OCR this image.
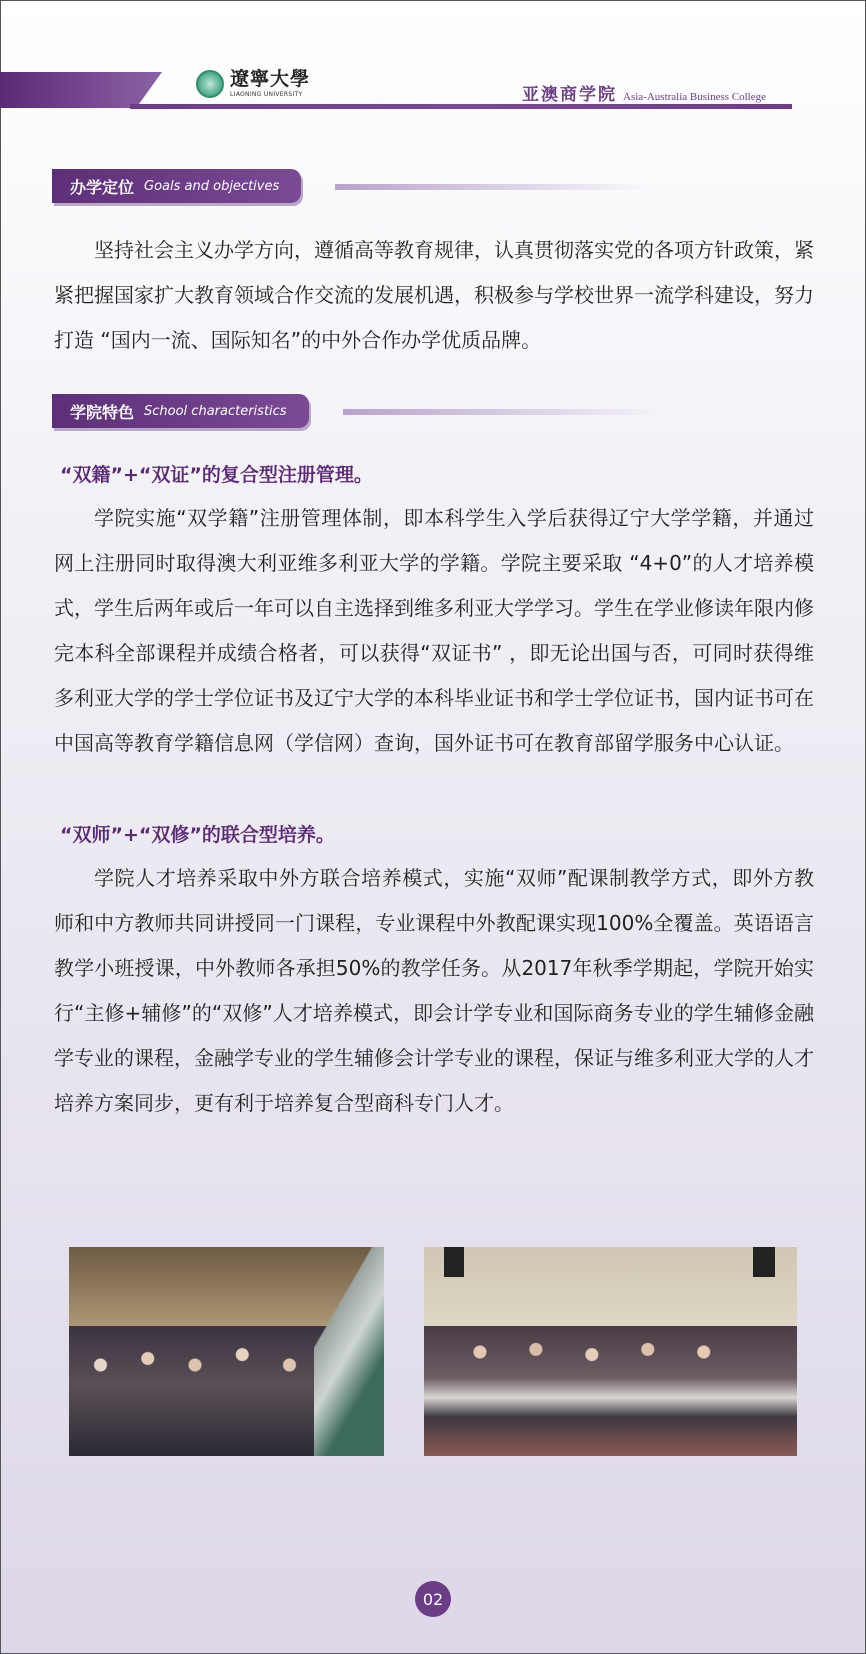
遼寧大學
LIAONING UNIVERSITY	亚澳商学院 Asia-Australia Business College
办学定位 Goals and objectives

坚持社会主义办学方向，遵循高等教育规律，认真贯彻落实党的各项方针政策，紧紧把握国家扩大教育领域合作交流的发展机遇，积极参与学校世界一流学科建设，努力打造 “国内一流、国际知名”的中外合作办学优质品牌。

学院特色 School characteristics
“双籍”+“双证”的复合型注册管理。

学院实施“双学籍”注册管理体制，即本科学生入学后获得辽宁大学学籍，并通过网上注册同时取得澳大利亚维多利亚大学的学籍。学院主要采取 “4+0”的人才培养模式，学生后两年或后一年可以自主选择到维多利亚大学学习。学生在学业修读年限内修完本科全部课程并成绩合格者，可以获得“双证书” ，即无论出国与否，可同时获得维多利亚大学的学士学位证书及辽宁大学的本科毕业证书和学士学位证书，国内证书可在中国高等教育学籍信息网（学信网）查询，国外证书可在教育部留学服务中心认证。

“双师”+“双修”的联合型培养。

学院人才培养采取中外方联合培养模式，实施“双师”配课制教学方式，即外方教师和中方教师共同讲授同一门课程，专业课程中外教配课实现100%全覆盖。英语语言教学小班授课，中外教师各承担50%的教学任务。从2017年秋季学期起，学院开始实行“主修+辅修”的“双修”人才培养模式，即会计学专业和国际商务专业的学生辅修金融学专业的课程，金融学专业的学生辅修会计学专业的课程，保证与维多利亚大学的人才培养方案同步，更有利于培养复合型商科专门人才。

02
